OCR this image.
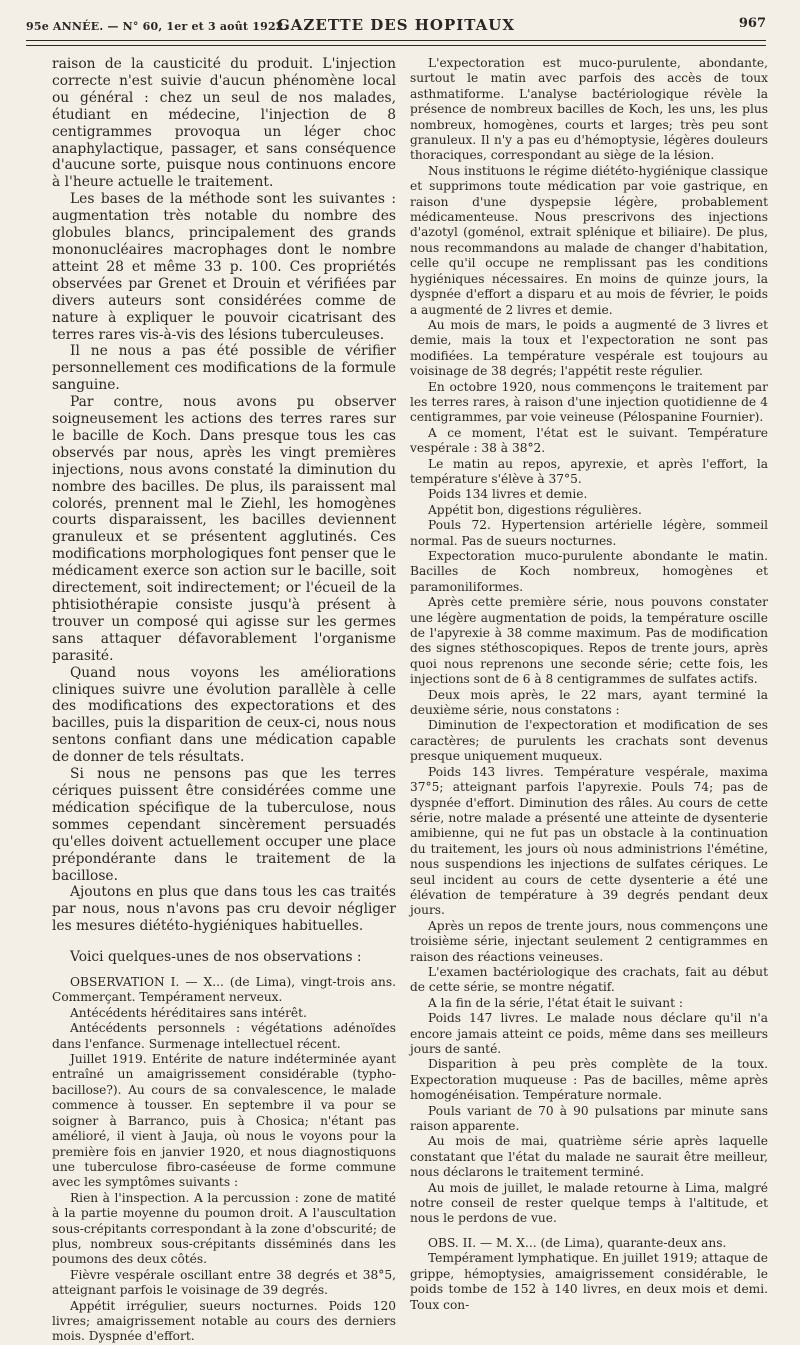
95e ANNÉE. — N° 60, 1er et 3 août 1922.
GAZETTE DES HOPITAUX	967

raison de la causticité du produit. L'injection correcte n'est suivie d'aucun phénomène local ou général : chez un seul de nos malades, étudiant en médecine, l'injection de 8 centigrammes provoqua un léger choc anaphylactique, passager, et sans conséquence d'aucune sorte, puisque nous continuons encore à l'heure actuelle le traitement.

Les bases de la méthode sont les suivantes : augmentation très notable du nombre des globules blancs, principalement des grands mononucléaires macrophages dont le nombre atteint 28 et même 33 p. 100. Ces propriétés observées par Grenet et Drouin et vérifiées par divers auteurs sont considérées comme de nature à expliquer le pouvoir cicatrisant des terres rares vis-à-vis des lésions tuberculeuses.

Il ne nous a pas été possible de vérifier personnellement ces modifications de la formule sanguine.

Par contre, nous avons pu observer soigneusement les actions des terres rares sur le bacille de Koch. Dans presque tous les cas observés par nous, après les vingt premières injections, nous avons constaté la diminution du nombre des bacilles. De plus, ils paraissent mal colorés, prennent mal le Ziehl, les homogènes courts disparaissent, les bacilles deviennent granuleux et se présentent agglutinés. Ces modifications morphologiques font penser que le médicament exerce son action sur le bacille, soit directement, soit indirectement; or l'écueil de la phtisiothérapie consiste jusqu'à présent à trouver un composé qui agisse sur les germes sans attaquer défavorablement l'organisme parasité.

Quand nous voyons les améliorations cliniques suivre une évolution parallèle à celle des modifications des expectorations et des bacilles, puis la disparition de ceux-ci, nous nous sentons confiant dans une médication capable de donner de tels résultats.

Si nous ne pensons pas que les terres cériques puissent être considérées comme une médication spécifique de la tuberculose, nous sommes cependant sincèrement persuadés qu'elles doivent actuellement occuper une place prépondérante dans le traitement de la bacillose.

Ajoutons en plus que dans tous les cas traités par nous, nous n'avons pas cru devoir négliger les mesures diététo-hygiéniques habituelles.

Voici quelques-unes de nos observations :

OBSERVATION I. — X... (de Lima), vingt-trois ans. Commerçant. Tempérament nerveux.

Antécédents héréditaires sans intérêt.

Antécédents personnels : végétations adénoïdes dans l'enfance. Surmenage intellectuel récent.

Juillet 1919. Entérite de nature indéterminée ayant entraîné un amaigrissement considérable (typho-bacillose?). Au cours de sa convalescence, le malade commence à tousser. En septembre il va pour se soigner à Barranco, puis à Chosica; n'étant pas amélioré, il vient à Jauja, où nous le voyons pour la première fois en janvier 1920, et nous diagnostiquons une tuberculose fibro-caséeuse de forme commune avec les symptômes suivants :

Rien à l'inspection. A la percussion : zone de matité à la partie moyenne du poumon droit. A l'auscultation sous-crépitants correspondant à la zone d'obscurité; de plus, nombreux sous-crépitants disséminés dans les poumons des deux côtés.

Fièvre vespérale oscillant entre 38 degrés et 38°5, atteignant parfois le voisinage de 39 degrés.

Appétit irrégulier, sueurs nocturnes. Poids 120 livres; amaigrissement notable au cours des derniers mois. Dyspnée d'effort.

L'expectoration est muco-purulente, abondante, surtout le matin avec parfois des accès de toux asthmatiforme. L'analyse bactériologique révèle la présence de nombreux bacilles de Koch, les uns, les plus nombreux, homogènes, courts et larges; très peu sont granuleux. Il n'y a pas eu d'hémoptysie, légères douleurs thoraciques, correspondant au siège de la lésion.

Nous instituons le régime diététo-hygiénique classique et supprimons toute médication par voie gastrique, en raison d'une dyspepsie légère, probablement médicamenteuse. Nous prescrivons des injections d'azotyl (goménol, extrait splénique et biliaire). De plus, nous recommandons au malade de changer d'habitation, celle qu'il occupe ne remplissant pas les conditions hygiéniques nécessaires. En moins de quinze jours, la dyspnée d'effort a disparu et au mois de février, le poids a augmenté de 2 livres et demie.

Au mois de mars, le poids a augmenté de 3 livres et demie, mais la toux et l'expectoration ne sont pas modifiées. La température vespérale est toujours au voisinage de 38 degrés; l'appétit reste régulier.

En octobre 1920, nous commençons le traitement par les terres rares, à raison d'une injection quotidienne de 4 centigrammes, par voie veineuse (Pélospanine Fournier).

A ce moment, l'état est le suivant. Température vespérale : 38 à 38°2.

Le matin au repos, apyrexie, et après l'effort, la température s'élève à 37°5.

Poids 134 livres et demie.

Appétit bon, digestions régulières.

Pouls 72. Hypertension artérielle légère, sommeil normal. Pas de sueurs nocturnes.

Expectoration muco-purulente abondante le matin. Bacilles de Koch nombreux, homogènes et paramoniliformes.

Après cette première série, nous pouvons constater une légère augmentation de poids, la température oscille de l'apyrexie à 38 comme maximum. Pas de modification des signes stéthoscopiques. Repos de trente jours, après quoi nous reprenons une seconde série; cette fois, les injections sont de 6 à 8 centigrammes de sulfates actifs.

Deux mois après, le 22 mars, ayant terminé la deuxième série, nous constatons :

Diminution de l'expectoration et modification de ses caractères; de purulents les crachats sont devenus presque uniquement muqueux.

Poids 143 livres. Température vespérale, maxima 37°5; atteignant parfois l'apyrexie. Pouls 74; pas de dyspnée d'effort. Diminution des râles. Au cours de cette série, notre malade a présenté une atteinte de dysenterie amibienne, qui ne fut pas un obstacle à la continuation du traitement, les jours où nous administrions l'émétine, nous suspendions les injections de sulfates cériques. Le seul incident au cours de cette dysenterie a été une élévation de température à 39 degrés pendant deux jours.

Après un repos de trente jours, nous commençons une troisième série, injectant seulement 2 centigrammes en raison des réactions veineuses.

L'examen bactériologique des crachats, fait au début de cette série, se montre négatif.

A la fin de la série, l'état était le suivant :

Poids 147 livres. Le malade nous déclare qu'il n'a encore jamais atteint ce poids, même dans ses meilleurs jours de santé.

Disparition à peu près complète de la toux. Expectoration muqueuse : Pas de bacilles, même après homogénéisation. Température normale.

Pouls variant de 70 à 90 pulsations par minute sans raison apparente.

Au mois de mai, quatrième série après laquelle constatant que l'état du malade ne saurait être meilleur, nous déclarons le traitement terminé.

Au mois de juillet, le malade retourne à Lima, malgré notre conseil de rester quelque temps à l'altitude, et nous le perdons de vue.

OBS. II. — M. X... (de Lima), quarante-deux ans.

Tempérament lymphatique. En juillet 1919; attaque de grippe, hémoptysies, amaigrissement considérable, le poids tombe de 152 à 140 livres, en deux mois et demi. Toux con-
